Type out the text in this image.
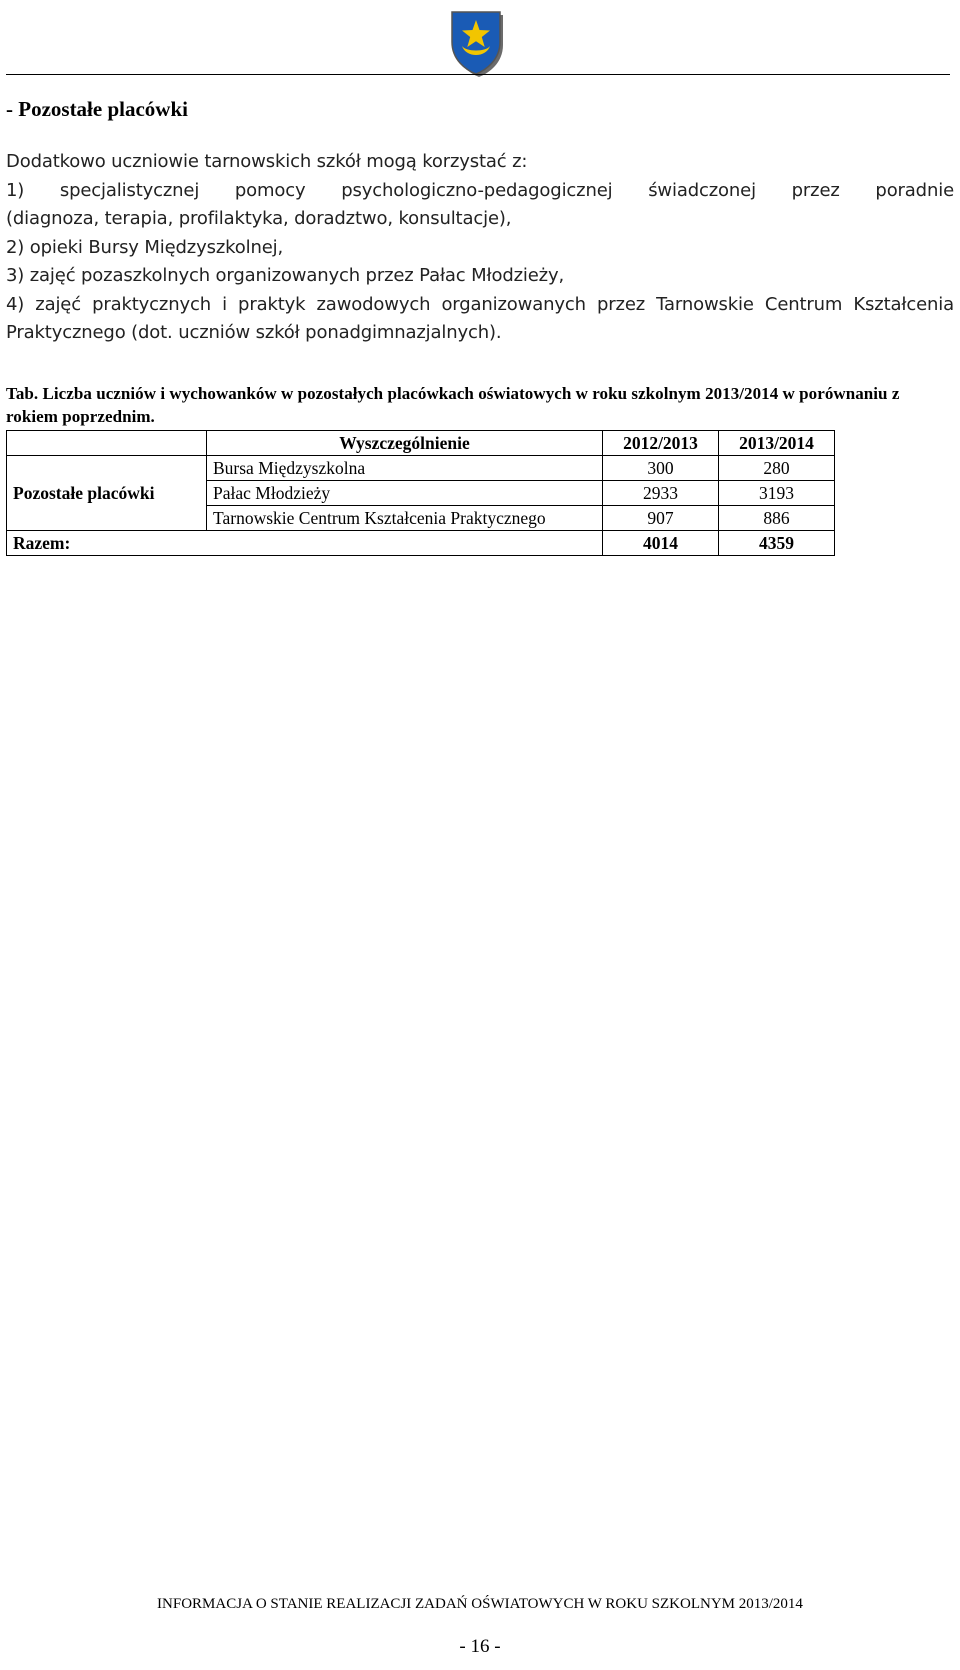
- Pozostałe placówki

Dodatkowo uczniowie tarnowskich szkół mogą korzystać z:

1) specjalistycznej pomocy psychologiczno-pedagogicznej świadczonej przez poradnie

(diagnoza, terapia, profilaktyka, doradztwo, konsultacje),

2) opieki Bursy Międzyszkolnej,

3) zajęć pozaszkolnych organizowanych przez Pałac Młodzieży,

4) zajęć praktycznych i praktyk zawodowych organizowanych przez Tarnowskie Centrum Kształcenia Praktycznego (dot. uczniów szkół ponadgimnazjalnych).

Tab. Liczba uczniów i wychowanków w pozostałych placówkach oświatowych w roku szkolnym 2013/2014 w porównaniu z rokiem poprzednim.

	Wyszczególnienie	2012/2013	2013/2014
Pozostałe placówki	Bursa Międzyszkolna	300	280
	Pałac Młodzieży	2933	3193
	Tarnowskie Centrum Kształcenia Praktycznego	907	886
Razem:		4014	4359
INFORMACJA O STANIE REALIZACJI ZADAŃ OŚWIATOWYCH W ROKU SZKOLNYM 2013/2014
- 16 -
